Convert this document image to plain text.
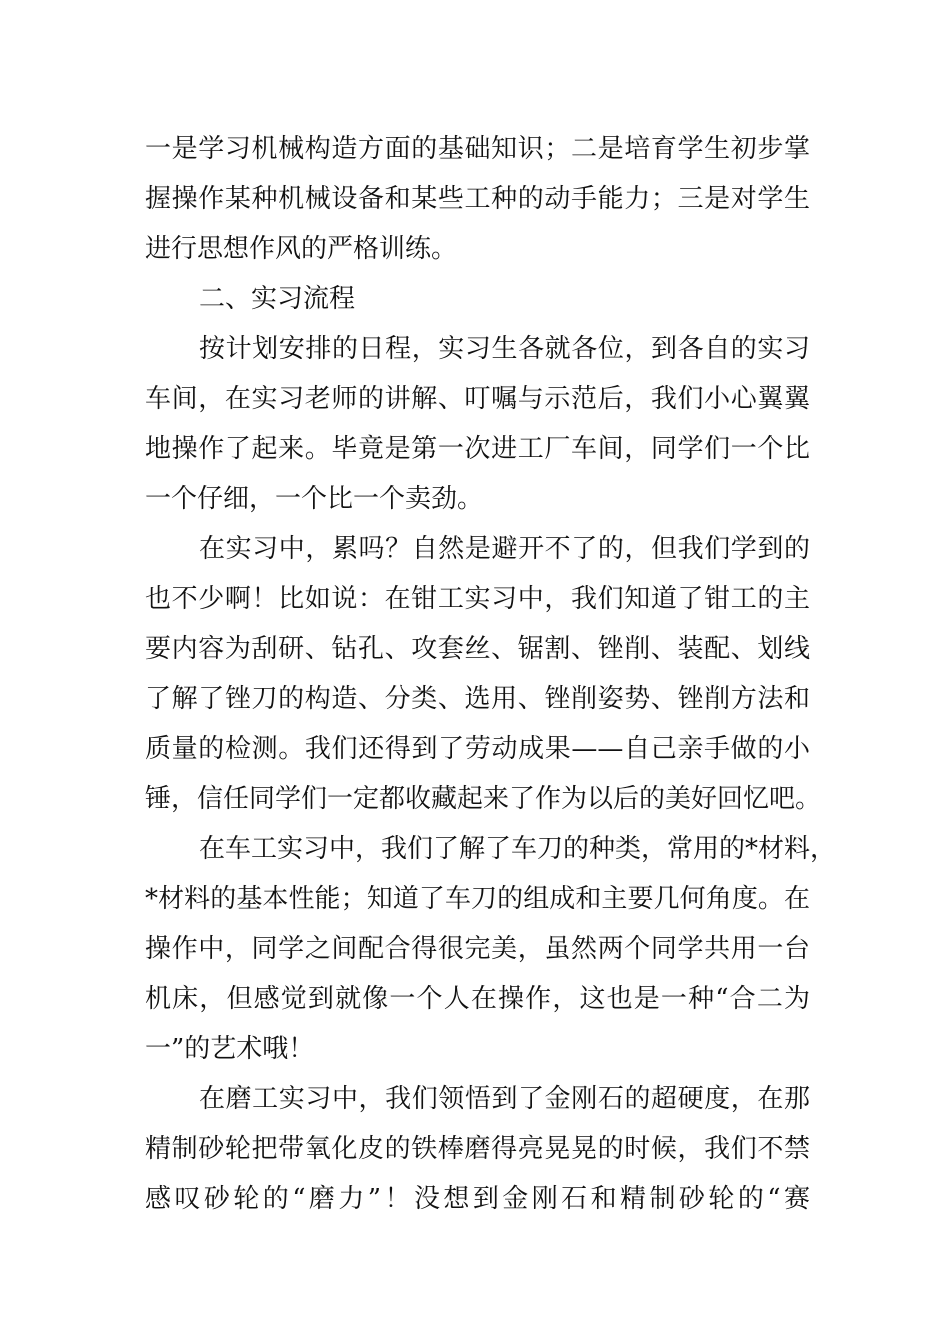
一是学习机械构造方面的基础知识；二是培育学生初步掌
握操作某种机械设备和某些工种的动手能力；三是对学生
进行思想作风的严格训练。
二、实习流程
按计划安排的日程，实习生各就各位，到各自的实习
车间，在实习老师的讲解、叮嘱与示范后，我们小心翼翼
地操作了起来。毕竟是第一次进工厂车间，同学们一个比
一个仔细，一个比一个卖劲。
在实习中，累吗？自然是避开不了的，但我们学到的
也不少啊！比如说：在钳工实习中，我们知道了钳工的主
要内容为刮研、钻孔、攻套丝、锯割、锉削、装配、划线
了解了锉刀的构造、分类、选用、锉削姿势、锉削方法和
质量的检测。我们还得到了劳动成果——自己亲手做的小
锤，信任同学们一定都收藏起来了作为以后的美好回忆吧。
在车工实习中，我们了解了车刀的种类，常用的*材料，
*材料的基本性能；知道了车刀的组成和主要几何角度。在
操作中，同学之间配合得很完美，虽然两个同学共用一台
机床，但感觉到就像一个人在操作，这也是一种“合二为
一”的艺术哦！
在磨工实习中，我们领悟到了金刚石的超硬度，在那
精制砂轮把带氧化皮的铁棒磨得亮晃晃的时候，我们不禁
感叹砂轮的“磨力”！没想到金刚石和精制砂轮的“赛
